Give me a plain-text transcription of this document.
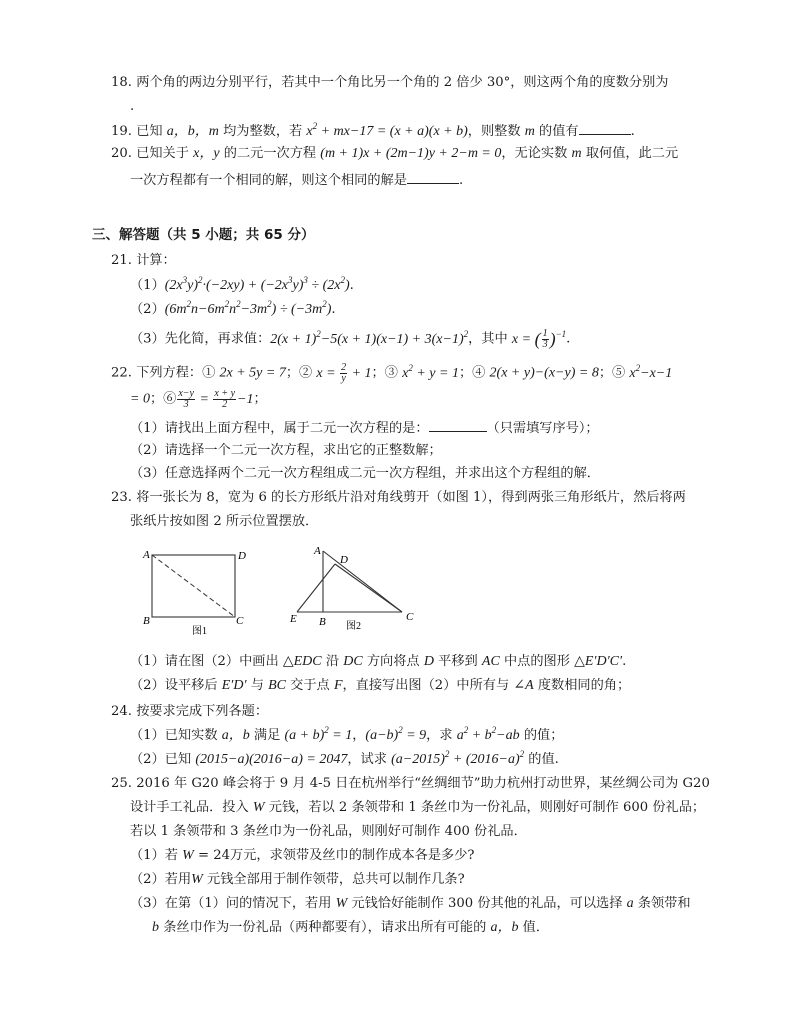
18. 两个角的两边分别平行，若其中一个角比另一个角的 2 倍少 30°，则这两个角的度数分别为
.
19. 已知 a，b，m 均为整数，若 $x^2 + mx-17 = (x + a)(x + b)$，则整数 m 的值有	.
20. 已知关于 x，y 的二元一次方程 (m + 1)x + (2m−1)y + 2−m = 0，无论实数 m 取何值，此二元
一次方程都有一个相同的解，则这个相同的解是	.
三、解答题（共 5 小题；共 65 分）
21. 计算：
$(1)(2x^3y)^2\cdot(-2xy) + (-2x^3y)^3 \div (2x^2)$.
$(2)(6m^2n-6m^2n^2-3m^2) \div (-3m^2)$.
（3）先化简，再求值：$2(x + 1)^2-5(x + 1)(x-1) + 3(x-1)^2$，其中 x = ( $\frac{1}{3} )^{-1}$.
22. 下列方程：① 2x + 5y = 7；② $x = \frac{2}{y} + 1$；③ $x^2 + y = 1$；④ 2(x + y)−(x−y) = 8；⑤ $x^2-x-1$
= 0；⑥ $\frac{x-y}{3} = \frac{x + y}{2} -1$；
（1）请找出上面方程中，属于二元一次方程的是：	（只需填写序号）；
（2）请选择一个二元一次方程，求出它的正整数解；
（3）任意选择两个二元一次方程组成二元一次方程组，并求出这个方程组的解．
23. 将一张长为 8，宽为 6 的长方形纸片沿对角线剪开（如图 1），得到两张三角形纸片，然后将两
张纸片按如图 2 所示位置摆放．
A	D
B	C
图1
A
D
E B	C
图2
（1）请在图（2）中画出 △EDC 沿 DC 方向将点 D 平移到 AC 中点的图形 △E′D′C′.
（2）设平移后 E′D′ 与 BC 交于点 F，直接写出图（2）中所有与 ∠A 度数相同的角；
24. 按要求完成下列各题：
（1）已知实数 a，b 满足 $(a + b)^2 = 1$，$(a-b)^2 = 9$，求 $a^2 + b^2-ab$ 的值；
（2）已知 (2015−a)(2016−a) = 2047，试求 $(a-2015)^2 + (2016-a)^2$ 的值.
25. 2016 年 G20 峰会将于 9 月 4-5 日在杭州举行“丝绸细节”助力杭州打动世界，某丝绸公司为 G20
设计手工礼品．投入 W 元钱，若以 2 条领带和 1 条丝巾为一份礼品，则刚好可制作 600 份礼品；
若以 1 条领带和 3 条丝巾为一份礼品，则刚好可制作 400 份礼品．
（1）若 W = 24万元，求领带及丝巾的制作成本各是多少?
（2）若用W 元钱全部用于制作领带，总共可以制作几条?
（3）在第（1）问的情况下，若用 W 元钱恰好能制作 300 份其他的礼品，可以选择 a 条领带和
b 条丝巾作为一份礼品（两种都要有），请求出所有可能的 a，b 值．
